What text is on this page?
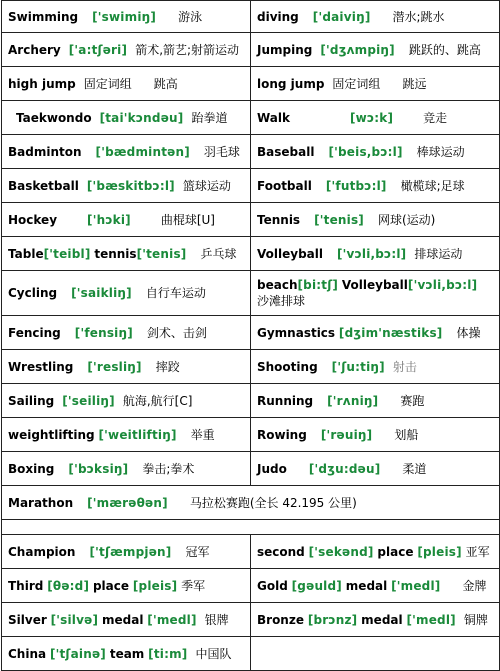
Swimming ['swimiŋ] 游泳	diving ['daiviŋ] 潜水;跳水
Archery ['a:tʃəri] 箭术,箭艺;射箭运动	Jumping ['dʒʌmpiŋ] 跳跃的、跳高
high jump 固定词组 跳高	long jump 固定词组 跳远
Taekwondo [tai'kɔndəu] 跆拳道	Walk [wɔ:k] 竞走
Badminton ['bædmintən] 羽毛球	Baseball ['beis,bɔ:l] 棒球运动
Basketball ['bæskitbɔ:l] 篮球运动	Football ['futbɔ:l] 橄榄球;足球
Hockey ['hɔki] 曲棍球[U]	Tennis ['tenis] 网球(运动)
Table['teibl] tennis['tenis] 乒乓球	Volleyball ['vɔli,bɔ:l] 排球运动
Cycling ['saikliŋ] 自行车运动	beach[bi:tʃ] Volleyball['vɔli,bɔ:l] 沙滩排球
Fencing ['fensiŋ] 剑术、击剑	Gymnastics [dʒim'næstiks] 体操
Wrestling ['resliŋ] 摔跤	Shooting ['ʃu:tiŋ] 射击
Sailing ['seiliŋ] 航海,航行[C]	Running ['rʌniŋ] 赛跑
weightlifting ['weitliftiŋ] 举重	Rowing ['rəuiŋ] 划船
Boxing ['bɔksiŋ] 拳击;拳术	Judo ['dʒu:dəu] 柔道
Marathon ['mærəθən] 马拉松赛跑(全长 42.195 公里)	

Champion ['tʃæmpjən] 冠军	second ['sekənd] place [pleis] 亚军
Third [θə:d] place [pleis] 季军	Gold [gəuld] medal ['medl] 金牌
Silver ['silvə] medal ['medl] 银牌	Bronze [brɔnz] medal ['medl] 铜牌
China ['tʃainə] team [ti:m] 中国队	
